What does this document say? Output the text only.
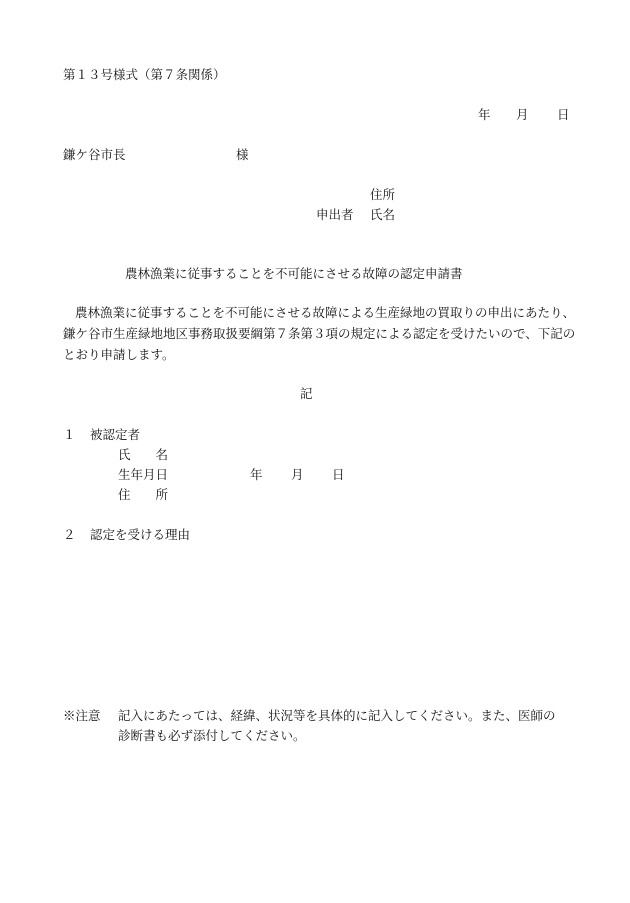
第１３号様式（第７条関係）
年 月 日
鎌ケ谷市長	様
住所
申出者 氏名
農林漁業に従事することを不可能にさせる故障の認定申請書
農林漁業に従事することを不可能にさせる故障による生産緑地の買取りの申出にあたり、鎌ケ谷市生産緑地地区事務取扱要綱第７条第３項の規定による認定を受けたいので、下記のとおり申請します。
記
１ 被認定者
氏　　名
生年月日	年 月 日
住　　所
２ 認定を受ける理由
※注意 記入にあたっては、経緯、状況等を具体的に記入してください。また、医師の
診断書も必ず添付してください。
